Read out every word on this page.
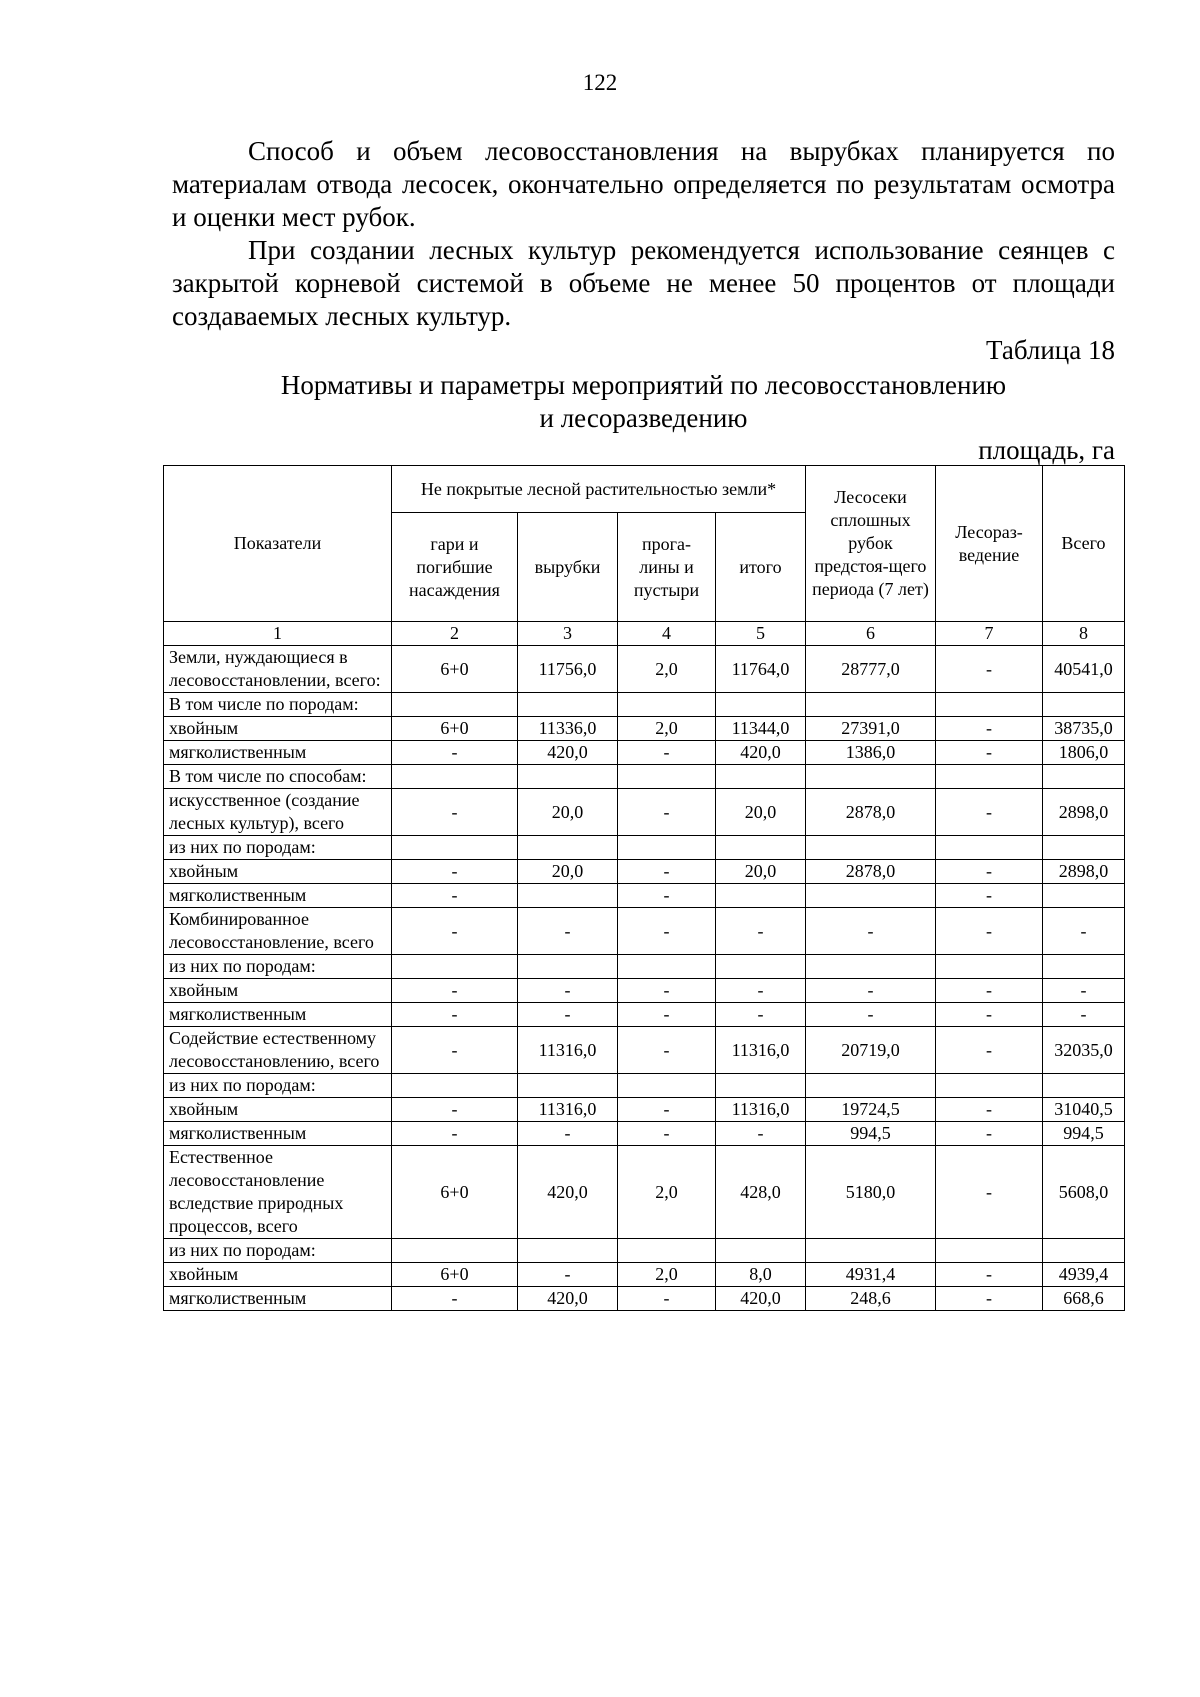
122

Способ и объем лесовосстановления на вырубках планируется по материалам отвода лесосек, окончательно определяется по результатам осмотра и оценки мест рубок.

При создании лесных культур рекомендуется использование сеянцев с закрытой корневой системой в объеме не менее 50 процентов от площади создаваемых лесных культур.

Таблица 18
Нормативы и параметры мероприятий по лесовосстановлению
и лесоразведению
площадь, га
Показатели	Не покрытые лесной растительностью земли*				Лесосеки сплошных рубок предстоя-щего периода (7 лет)	Лесораз-ведение	Всего
	гари и погибшие насаждения	вырубки	прога-лины и пустыри	итого			
1	2	3	4	5	6	7	8
Земли, нуждающиеся в лесовосстановлении, всего:	6+0	11756,0	2,0	11764,0	28777,0	-	40541,0
В том числе по породам:							
хвойным	6+0	11336,0	2,0	11344,0	27391,0	-	38735,0
мягколиственным	-	420,0	-	420,0	1386,0	-	1806,0
В том числе по способам:							
искусственное (создание лесных культур), всего	-	20,0	-	20,0	2878,0	-	2898,0
из них по породам:							
хвойным	-	20,0	-	20,0	2878,0	-	2898,0
мягколиственным	-		-			-	
Комбинированное лесовосстановление, всего	-	-	-	-	-	-	-
из них по породам:							
хвойным	-	-	-	-	-	-	-
мягколиственным	-	-	-	-	-	-	-
Содействие естественному лесовосстановлению, всего	-	11316,0	-	11316,0	20719,0	-	32035,0
из них по породам:							
хвойным	-	11316,0	-	11316,0	19724,5	-	31040,5
мягколиственным	-	-	-	-	994,5	-	994,5
Естественное лесовосстановление вследствие природных процессов, всего	6+0	420,0	2,0	428,0	5180,0	-	5608,0
из них по породам:							
хвойным	6+0	-	2,0	8,0	4931,4	-	4939,4
мягколиственным	-	420,0	-	420,0	248,6	-	668,6
